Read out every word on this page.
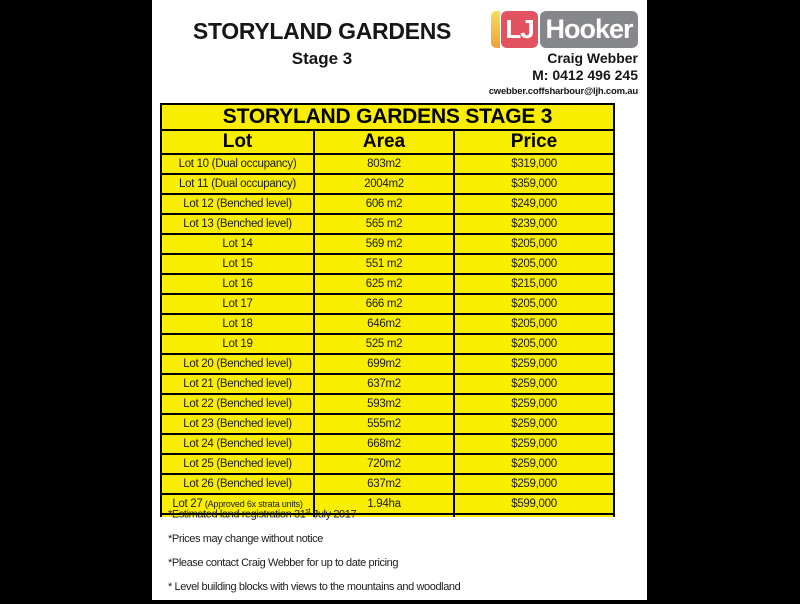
STORYLAND GARDENS
Stage 3
LJ Hooker
Craig Webber
M: 0412 496 245
cwebber.coffsharbour@ljh.com.au
STORYLAND GARDENS STAGE 3		
Lot	Area	Price
Lot 10 (Dual occupancy)	803m2	$319,000
Lot 11 (Dual occupancy)	2004m2	$359,000
Lot 12 (Benched level)	606 m2	$249,000
Lot 13 (Benched level)	565 m2	$239,000
Lot 14	569 m2	$205,000
Lot 15	551 m2	$205,000
Lot 16	625 m2	$215,000
Lot 17	666 m2	$205,000
Lot 18	646m2	$205,000
Lot 19	525 m2	$205,000
Lot 20 (Benched level)	699m2	$259,000
Lot 21 (Benched level)	637m2	$259,000
Lot 22 (Benched level)	593m2	$259,000
Lot 23 (Benched level)	555m2	$259,000
Lot 24 (Benched level)	668m2	$259,000
Lot 25 (Benched level)	720m2	$259,000
Lot 26 (Benched level)	637m2	$259,000
Lot 27 (Approved 6x strata units)	1.94ha	$599,000

*Estimated land registration 31st July 2017

*Prices may change without notice

*Please contact Craig Webber for up to date pricing

* Level building blocks with views to the mountains and woodland
